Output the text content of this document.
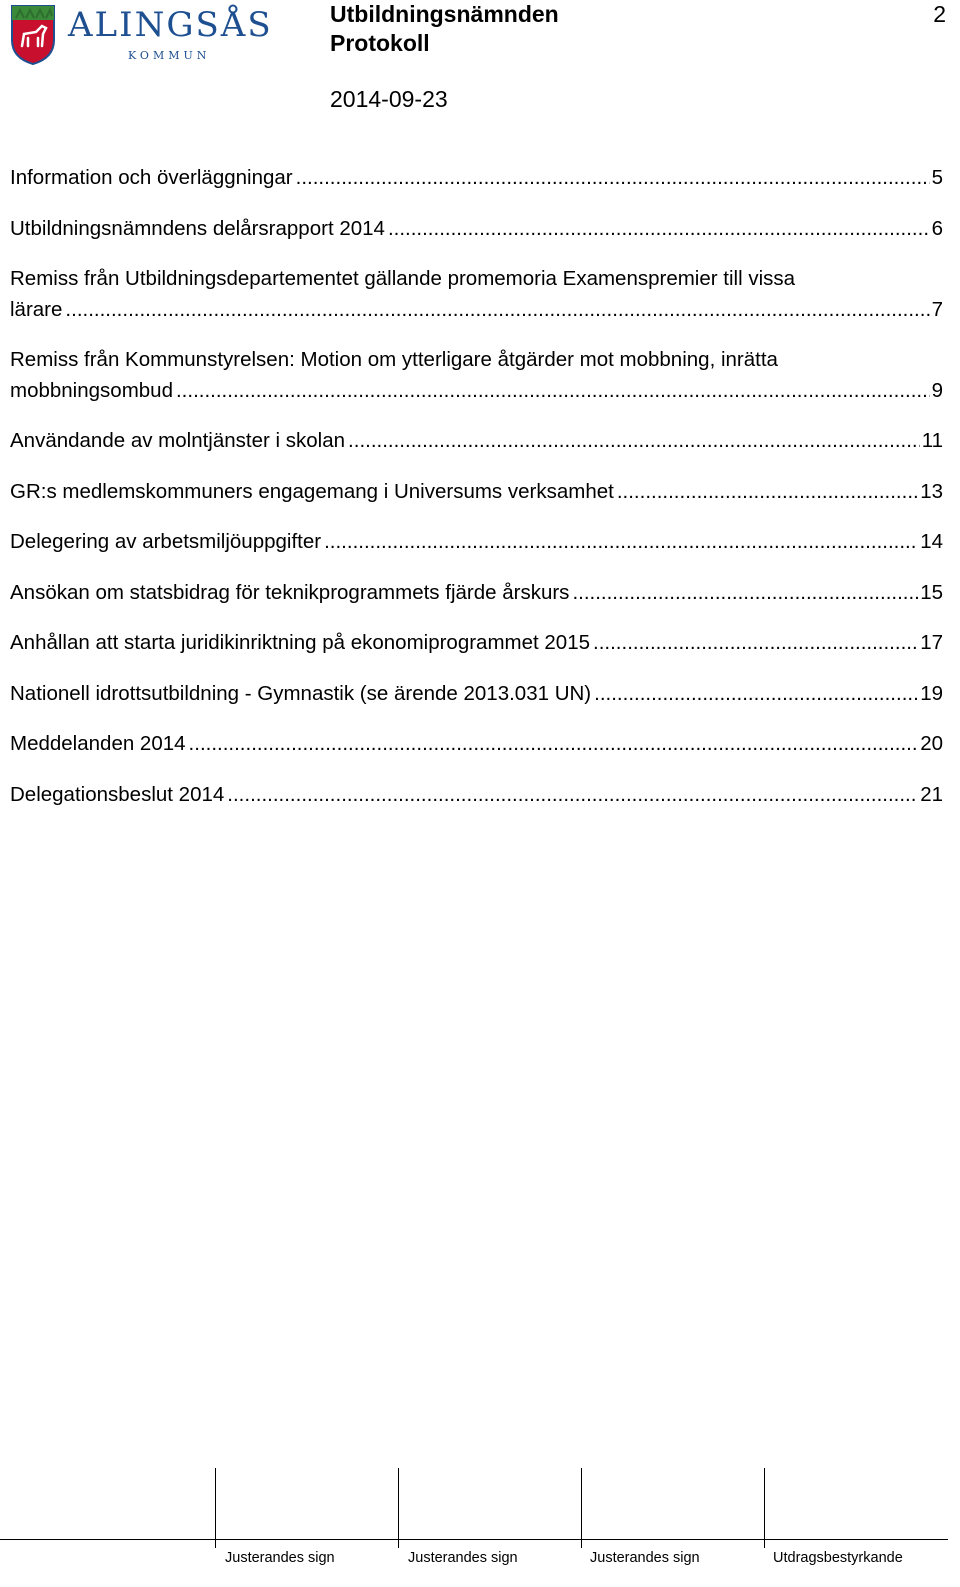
ALINGSÅS
KOMMUN
Utbildningsnämnden
Protokoll
2014-09-23
2
Information och överläggningar .....	5
Utbildningsnämndens delårsrapport 2014 .....	6
Remiss från Utbildningsdepartementet gällande promemoria Examenspremier till vissa
lärare .....	7
Remiss från Kommunstyrelsen: Motion om ytterligare åtgärder mot mobbning, inrätta
mobbningsombud .....	9
Användande av molntjänster i skolan .....	11
GR:s medlemskommuners engagemang i Universums verksamhet .....	13
Delegering av arbetsmiljöuppgifter .....	14
Ansökan om statsbidrag för teknikprogrammets fjärde årskurs .....	15
Anhållan att starta juridikinriktning på ekonomiprogrammet 2015 .....	17
Nationell idrottsutbildning - Gymnastik (se ärende 2013.031 UN) .....	19
Meddelanden 2014 .....	20
Delegationsbeslut 2014 .....	21
Justerandes sign	Justerandes sign	Justerandes sign	Utdragsbestyrkande
